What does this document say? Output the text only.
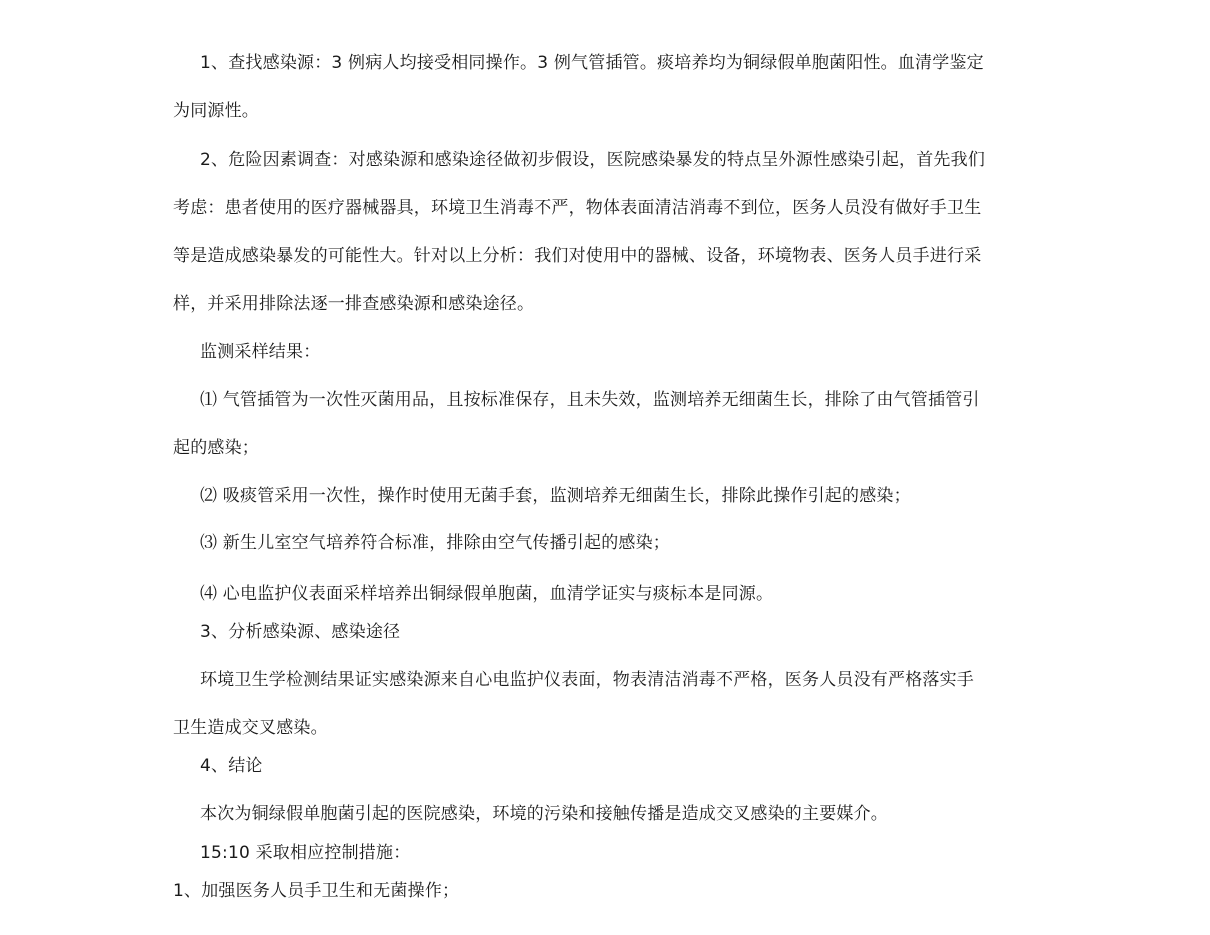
1、查找感染源：3 例病人均接受相同操作。3 例气管插管。痰培养均为铜绿假单胞菌阳性。血清学鉴定
为同源性。
2、危险因素调查：对感染源和感染途径做初步假设，医院感染暴发的特点呈外源性感染引起，首先我们
考虑：患者使用的医疗器械器具，环境卫生消毒不严，物体表面清洁消毒不到位，医务人员没有做好手卫生
等是造成感染暴发的可能性大。针对以上分析：我们对使用中的器械、设备，环境物表、医务人员手进行采
样，并采用排除法逐一排查感染源和感染途径。
监测采样结果：
⑴ 气管插管为一次性灭菌用品，且按标准保存，且未失效，监测培养无细菌生长，排除了由气管插管引
起的感染；
⑵ 吸痰管采用一次性，操作时使用无菌手套，监测培养无细菌生长，排除此操作引起的感染；
⑶ 新生儿室空气培养符合标准，排除由空气传播引起的感染；
⑷ 心电监护仪表面采样培养出铜绿假单胞菌，血清学证实与痰标本是同源。
3、分析感染源、感染途径
环境卫生学检测结果证实感染源来自心电监护仪表面，物表清洁消毒不严格，医务人员没有严格落实手
卫生造成交叉感染。
4、结论
本次为铜绿假单胞菌引起的医院感染，环境的污染和接触传播是造成交叉感染的主要媒介。
15:10 采取相应控制措施：
1、加强医务人员手卫生和无菌操作；
